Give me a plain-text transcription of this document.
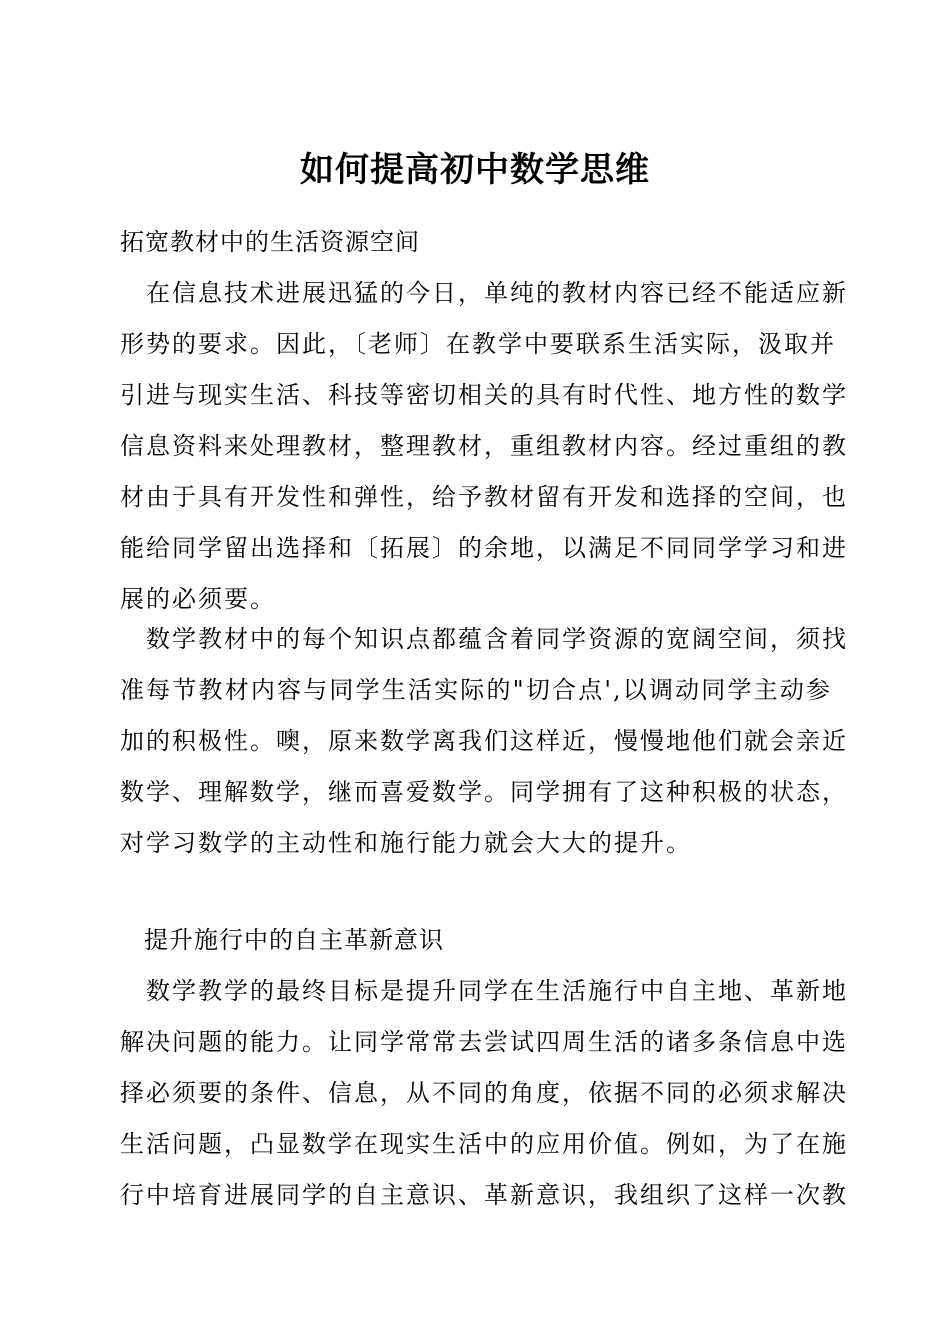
如何提高初中数学思维
拓宽教材中的生活资源空间
　在信息技术进展迅猛的今日，单纯的教材内容已经不能适应新
形势的要求。因此，〔老师〕在教学中要联系生活实际，汲取并
引进与现实生活、科技等密切相关的具有时代性、地方性的数学
信息资料来处理教材，整理教材，重组教材内容。经过重组的教
材由于具有开发性和弹性，给予教材留有开发和选择的空间，也
能给同学留出选择和〔拓展〕的余地，以满足不同同学学习和进
展的必须要。
　数学教材中的每个知识点都蕴含着同学资源的宽阔空间，须找
准每节教材内容与同学生活实际的"切合点',以调动同学主动参
加的积极性。噢，原来数学离我们这样近，慢慢地他们就会亲近
数学、理解数学，继而喜爱数学。同学拥有了这种积极的状态，
对学习数学的主动性和施行能力就会大大的提升。
提升施行中的自主革新意识
　数学教学的最终目标是提升同学在生活施行中自主地、革新地
解决问题的能力。让同学常常去尝试四周生活的诸多条信息中选
择必须要的条件、信息，从不同的角度，依据不同的必须求解决
生活问题，凸显数学在现实生活中的应用价值。例如，为了在施
行中培育进展同学的自主意识、革新意识，我组织了这样一次教
